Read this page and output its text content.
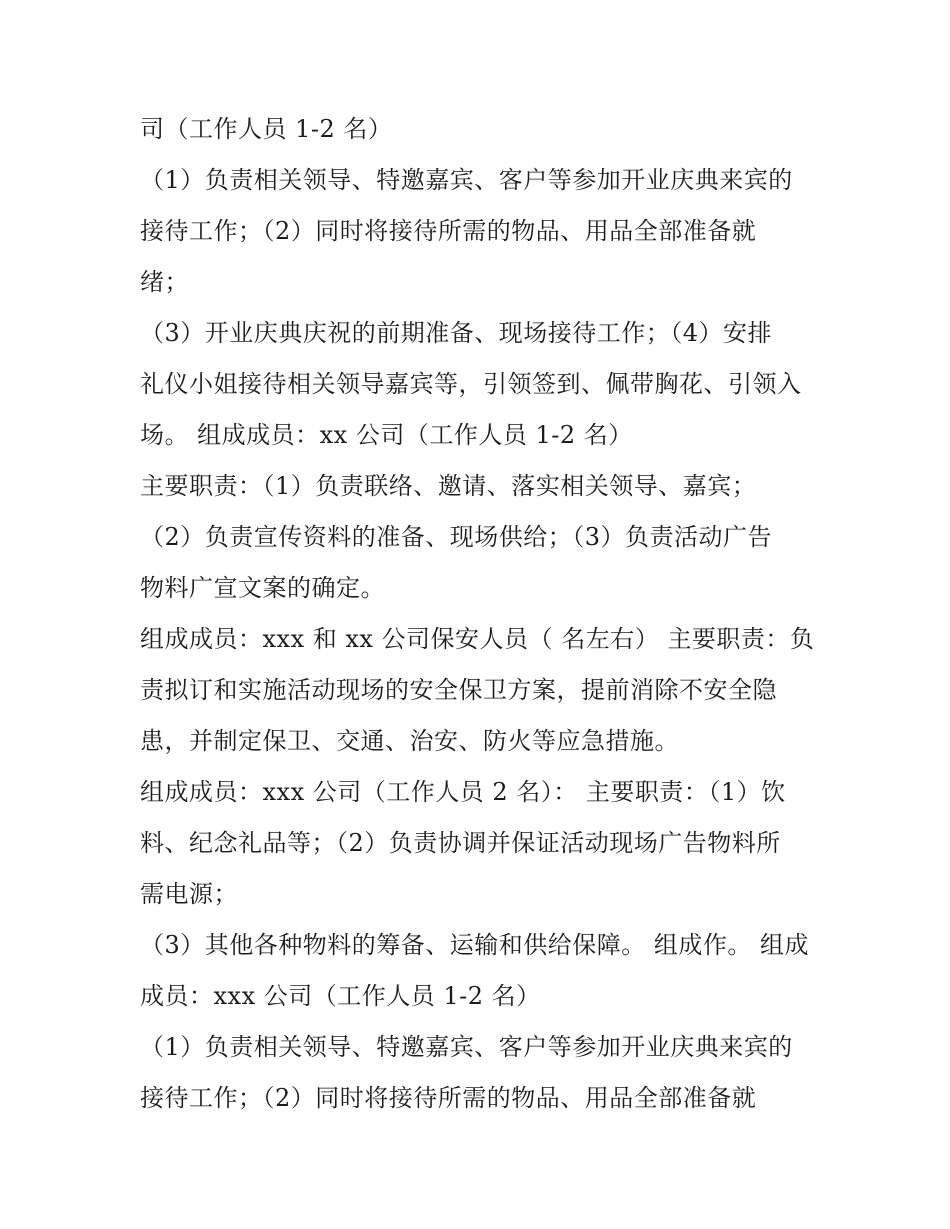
司（工作人员 1-2 名）
（1）负责相关领导、特邀嘉宾、客户等参加开业庆典来宾的
接待工作；（2）同时将接待所需的物品、用品全部准备就
绪；
（3）开业庆典庆祝的前期准备、现场接待工作；（4）安排
礼仪小姐接待相关领导嘉宾等，引领签到、佩带胸花、引领入
场。 组成成员：xx 公司（工作人员 1-2 名）
主要职责：（1）负责联络、邀请、落实相关领导、嘉宾；
（2）负责宣传资料的准备、现场供给；（3）负责活动广告
物料广宣文案的确定。
组成成员：xxx 和 xx 公司保安人员（ 名左右） 主要职责：负
责拟订和实施活动现场的安全保卫方案，提前消除不安全隐
患，并制定保卫、交通、治安、防火等应急措施。
组成成员：xxx 公司（工作人员 2 名）： 主要职责：（1）饮
料、纪念礼品等；（2）负责协调并保证活动现场广告物料所
需电源；
（3）其他各种物料的筹备、运输和供给保障。 组成作。 组成
成员：xxx 公司（工作人员 1-2 名）
（1）负责相关领导、特邀嘉宾、客户等参加开业庆典来宾的
接待工作；（2）同时将接待所需的物品、用品全部准备就
